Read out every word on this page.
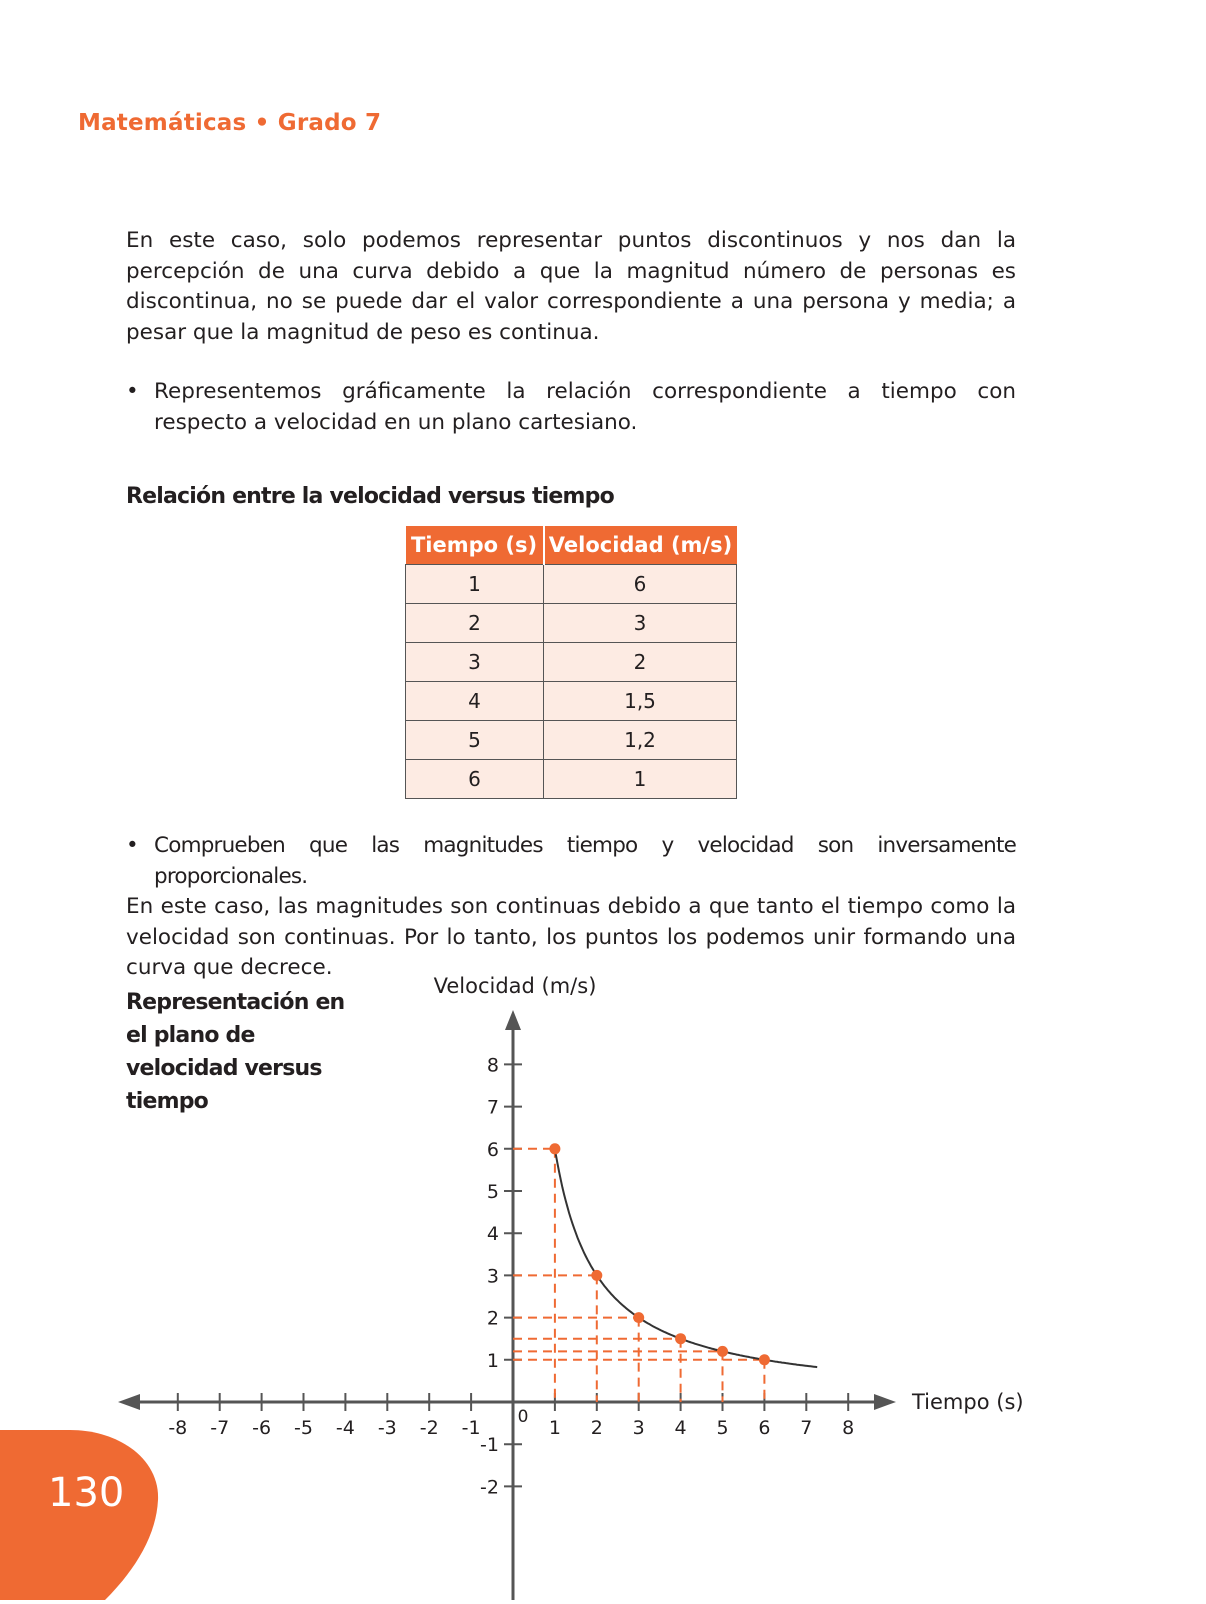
Matemáticas • Grado 7

En este caso, solo podemos representar puntos discontinuos y nos dan la percepción de una curva debido a que la magnitud número de personas es discontinua, no se puede dar el valor correspondiente a una persona y media; a pesar que la magnitud de peso es continua.

• Representemos gráficamente la relación correspondiente a tiempo con respecto a velocidad en un plano cartesiano.
Relación entre la velocidad versus tiempo
Tiempo (s)	Velocidad (m/s)
1	6
2	3
3	2
4	1,5
5	1,2
6	1
• Comprueben que las magnitudes tiempo y velocidad son inversamente proporcionales.

En este caso, las magnitudes son continuas debido a que tanto el tiempo como la velocidad son continuas. Por lo tanto, los puntos los podemos unir formando una curva que decrece.

Representación en el plano de velocidad versus tiempo
Velocidad (m/s)
Tiempo (s)
-8 -7 -6 -5 -4 -3 -2 -1	1 2 3 4 5 6 7 8
8
7
6
5
4
3
2
1
-1
-2
0
130
